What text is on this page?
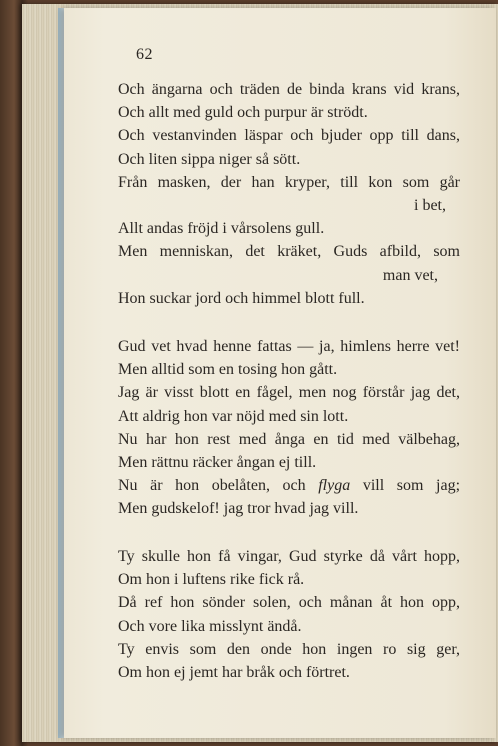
62
Och ängarna och träden de binda krans vid krans,
Och allt med guld och purpur är strödt.
Och vestanvinden läspar och bjuder opp till dans,
Och liten sippa niger så sött.
Från masken, der han kryper, till kon som går
i bet,
Allt andas fröjd i vårsolens gull.
Men menniskan, det kräket, Guds afbild, som
man vet,
Hon suckar jord och himmel blott full.
Gud vet hvad henne fattas — ja, himlens herre vet!
Men alltid som en tosing hon gått.
Jag är visst blott en fågel, men nog förstår jag det,
Att aldrig hon var nöjd med sin lott.
Nu har hon rest med ånga en tid med välbehag,
Men rättnu räcker ångan ej till.
Nu är hon obelåten, och flyga vill som jag;
Men gudskelof! jag tror hvad jag vill.
Ty skulle hon få vingar, Gud styrke då vårt hopp,
Om hon i luftens rike fick rå.
Då ref hon sönder solen, och månan åt hon opp,
Och vore lika misslynt ändå.
Ty envis som den onde hon ingen ro sig ger,
Om hon ej jemt har bråk och förtret.
